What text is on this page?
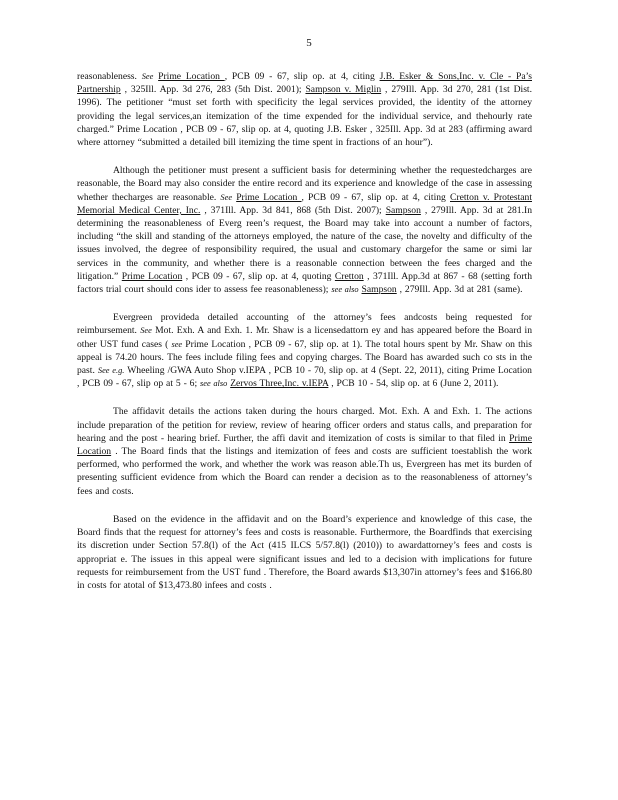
5

reasonableness. See Prime Location , PCB 09 - 67, slip op. at 4, citing J.B. Esker & Sons,Inc. v. Cle - Pa’s Partnership , 325Ill. App. 3d 276, 283 (5th Dist. 2001); Sampson v. Miglin , 279Ill. App. 3d 270, 281 (1st Dist. 1996). The petitioner “must set forth with specificity the legal services provided, the identity of the attorney providing the legal services,an itemization of the time expended for the individual service, and thehourly rate charged.” Prime Location , PCB 09 - 67, slip op. at 4, quoting J.B. Esker , 325Ill. App. 3d at 283 (affirming award where attorney “submitted a detailed bill itemizing the time spent in fractions of an hour”).

Although the petitioner must present a sufficient basis for determining whether the requestedcharges are reasonable, the Board may also consider the entire record and its experience and knowledge of the case in assessing whether thecharges are reasonable. See Prime Location , PCB 09 - 67, slip op. at 4, citing Cretton v. Protestant Memorial Medical Center, Inc. , 371Ill. App. 3d 841, 868 (5th Dist. 2007); Sampson , 279Ill. App. 3d at 281.In determining the reasonableness of Everg reen’s request, the Board may take into account a number of factors, including “the skill and standing of the attorneys employed, the nature of the case, the novelty and difficulty of the issues involved, the degree of responsibility required, the usual and customary chargefor the same or simi lar services in the community, and whether there is a reasonable connection between the fees charged and the litigation.” Prime Location , PCB 09 - 67, slip op. at 4, quoting Cretton , 371Ill. App.3d at 867 - 68 (setting forth factors trial court should cons ider to assess fee reasonableness); see also Sampson , 279Ill. App. 3d at 281 (same).

Evergreen provideda detailed accounting of the attorney’s fees andcosts being requested for reimbursement. See Mot. Exh. A and Exh. 1. Mr. Shaw is a licensedattorn ey and has appeared before the Board in other UST fund cases ( see Prime Location , PCB 09 - 67, slip op. at 1). The total hours spent by Mr. Shaw on this appeal is 74.20 hours. The fees include filing fees and copying charges. The Board has awarded such co sts in the past. See e.g. Wheeling /GWA Auto Shop v.IEPA , PCB 10 - 70, slip op. at 4 (Sept. 22, 2011), citing Prime Location , PCB 09 - 67, slip op at 5 - 6; see also Zervos Three,Inc. v.IEPA , PCB 10 - 54, slip op. at 6 (June 2, 2011).

The affidavit details the actions taken during the hours charged. Mot. Exh. A and Exh. 1. The actions include preparation of the petition for review, review of hearing officer orders and status calls, and preparation for hearing and the post - hearing brief. Further, the affi davit and itemization of costs is similar to that filed in Prime Location . The Board finds that the listings and itemization of fees and costs are sufficient toestablish the work performed, who performed the work, and whether the work was reason able.Th us, Evergreen has met its burden of presenting sufficient evidence from which the Board can render a decision as to the reasonableness of attorney’s fees and costs.

Based on the evidence in the affidavit and on the Board’s experience and knowledge of this case, the Board finds that the request for attorney’s fees and costs is reasonable. Furthermore, the Boardfinds that exercising its discretion under Section 57.8(l) of the Act (415 ILCS 5/57.8(l) (2010)) to awardattorney’s fees and costs is appropriat e. The issues in this appeal were significant issues and led to a decision with implications for future requests for reimbursement from the UST fund . Therefore, the Board awards $13,307in attorney’s fees and $166.80 in costs for atotal of $13,473.80 infees and costs .
